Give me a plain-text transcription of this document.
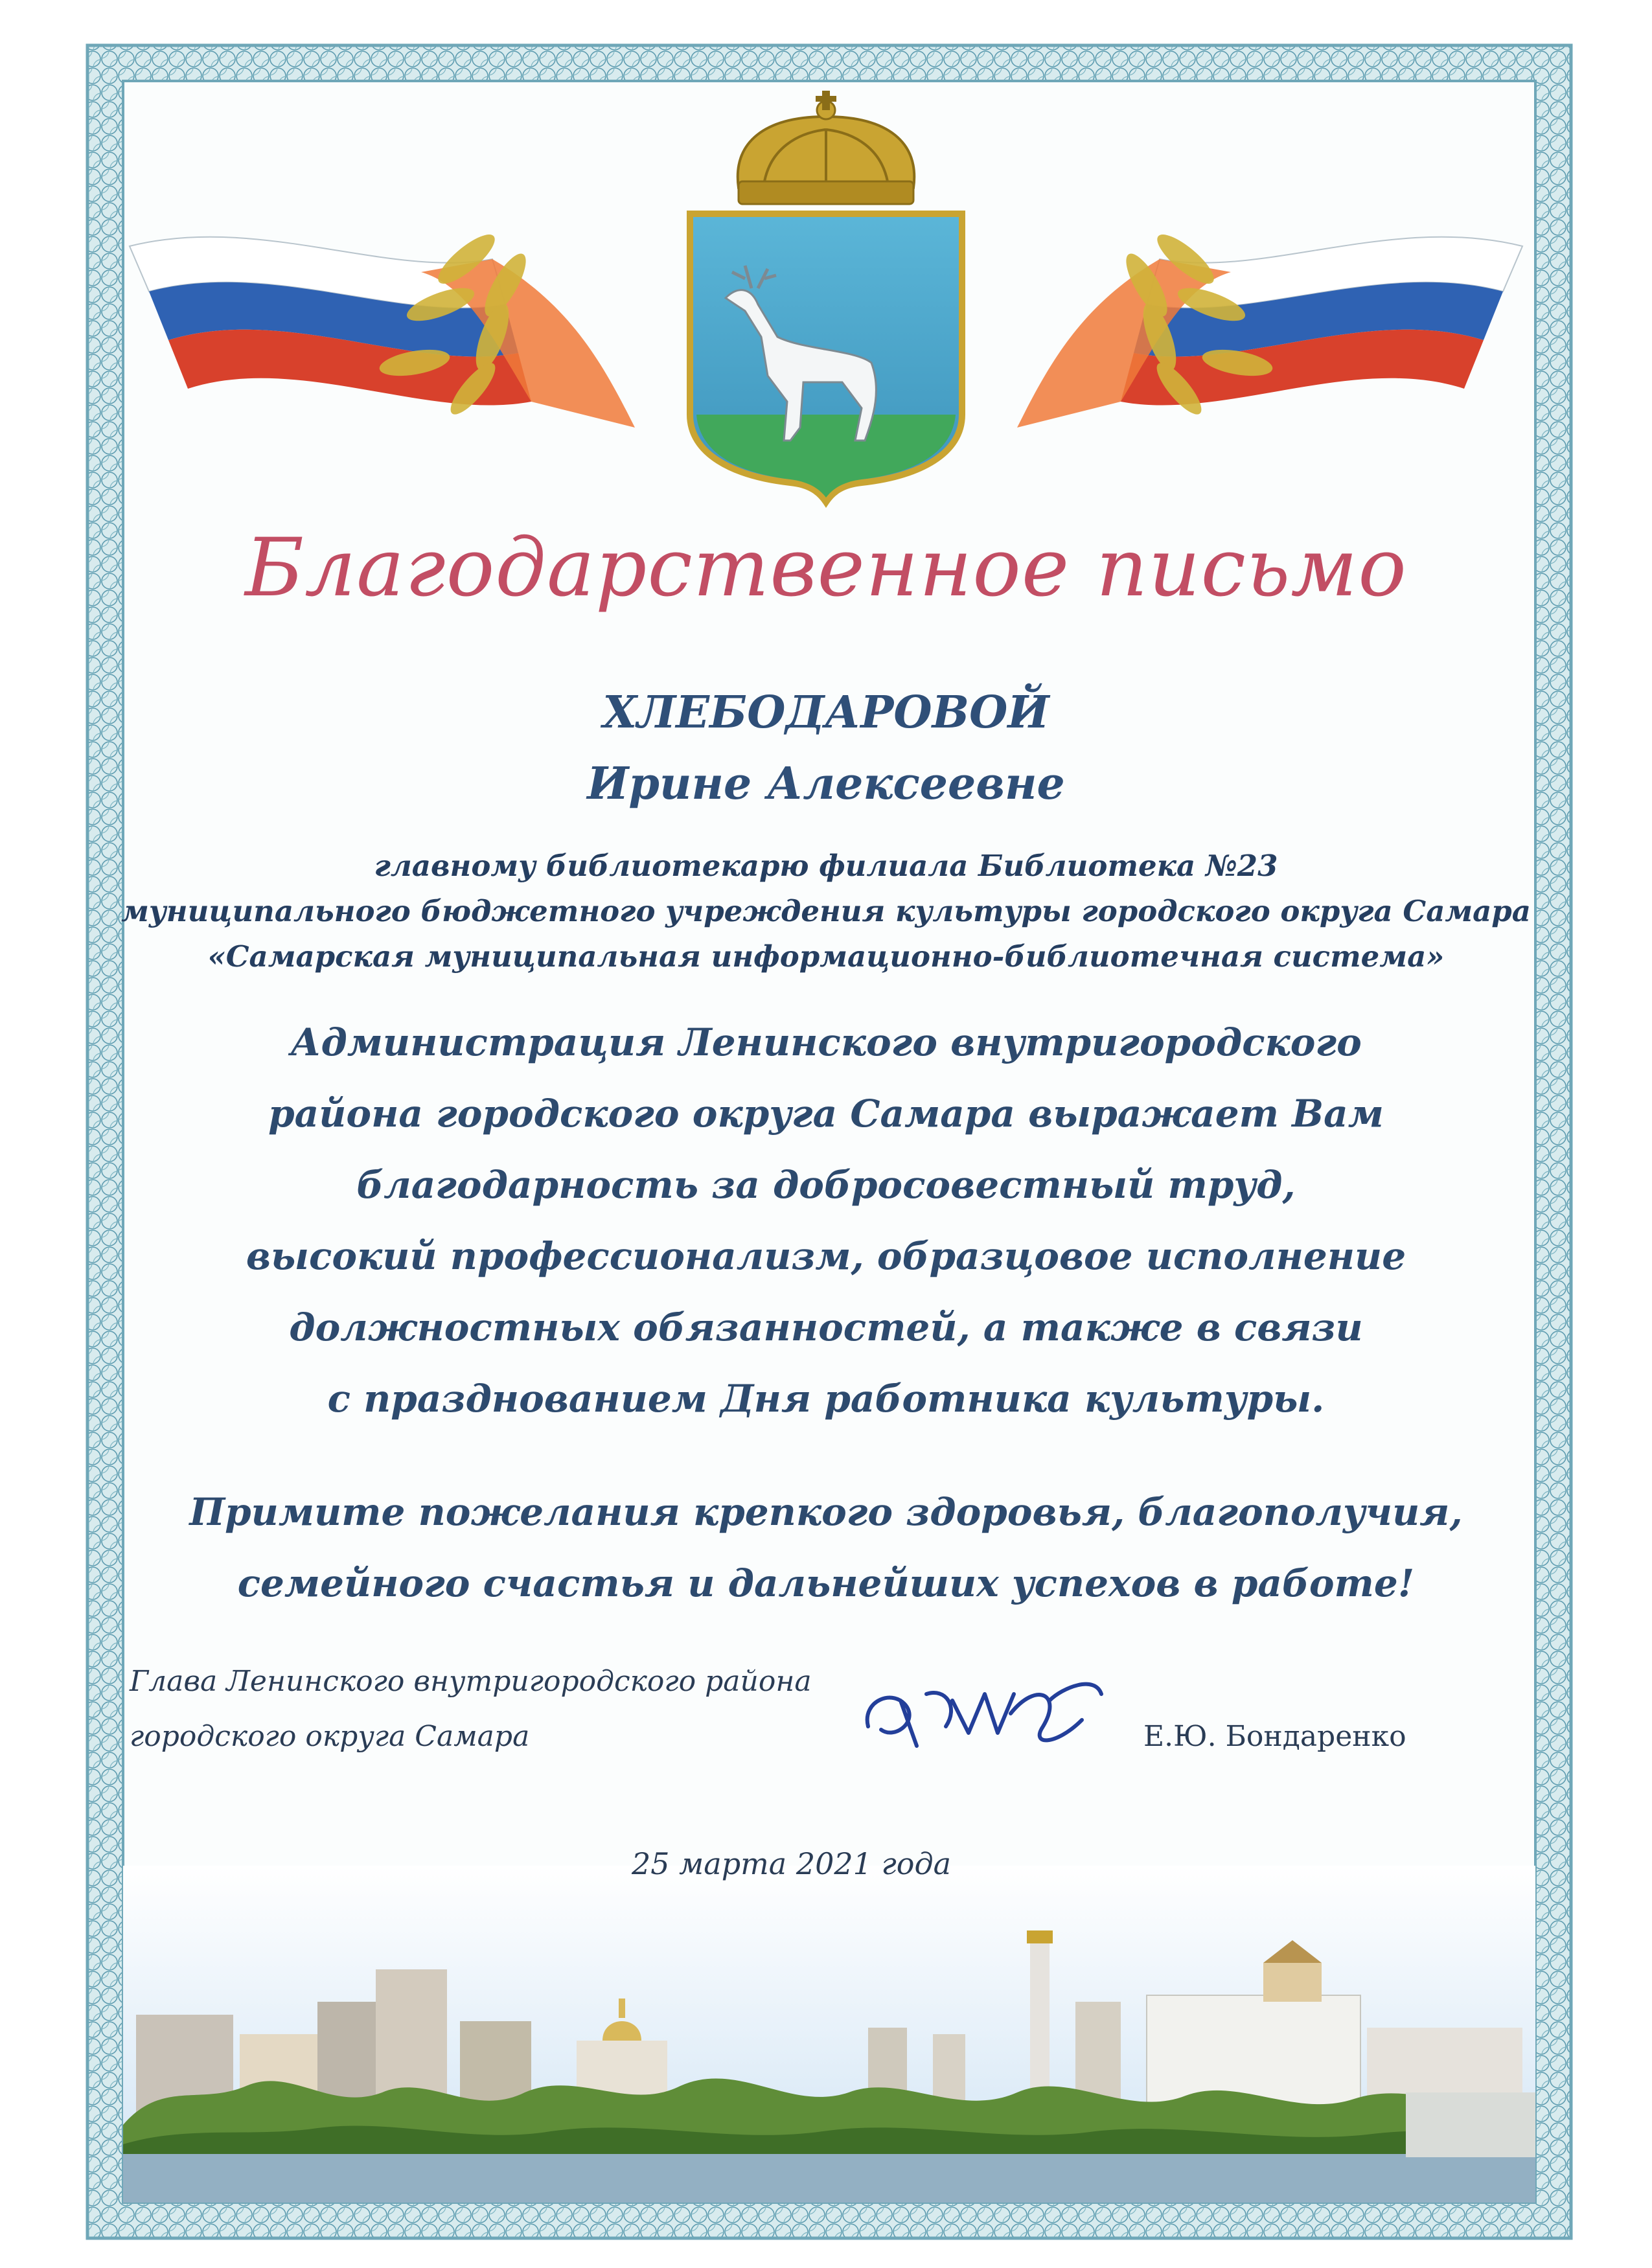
Благодарственное письмо
ХЛЕБОДАРОВОЙ
Ирине Алексеевне
главному библиотекарю филиала Библиотека №23
муниципального бюджетного учреждения культуры городского округа Самара
«Самарская муниципальная информационно-библиотечная система»
Администрация Ленинского внутригородского
района городского округа Самара выражает Вам
благодарность за добросовестный труд,
высокий профессионализм, образцовое исполнение
должностных обязанностей, а также в связи
с празднованием Дня работника культуры.
Примите пожелания крепкого здоровья, благополучия,
семейного счастья и дальнейших успехов в работе!
Глава Ленинского внутригородского района
городского округа Самара	Е.Ю. Бондаренко
25 марта 2021 года
